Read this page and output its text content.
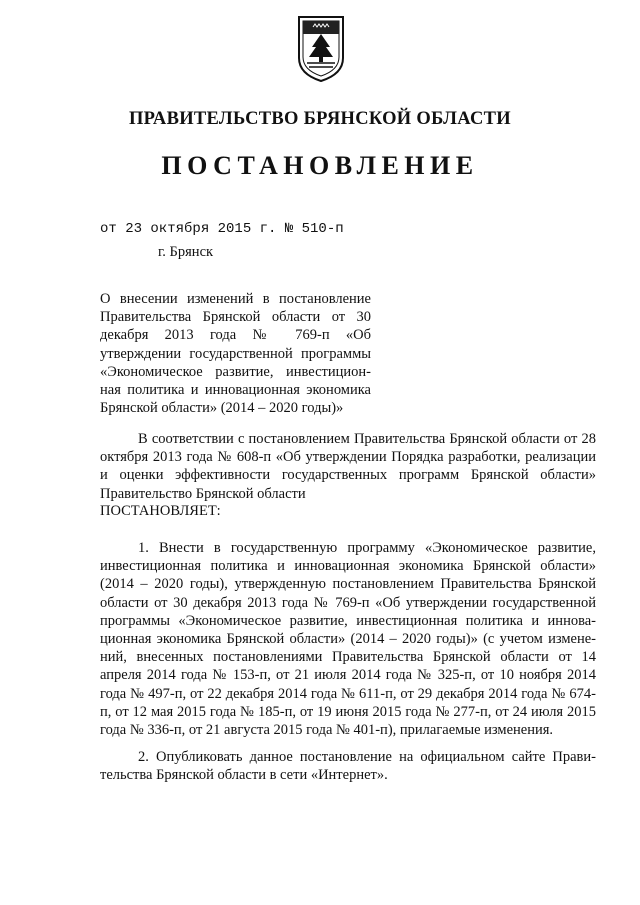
ПРАВИТЕЛЬСТВО БРЯНСКОЙ ОБЛАСТИ
ПОСТАНОВЛЕНИЕ
от 23 октября 2015 г. № 510-п
г. Брянск
О внесении изменений в постановление Правительства Брянской области от 30 декабря 2013 года № 769-п «Об утверждении государственной программы «Экономическое развитие, инвестицион-ная политика и инновационная экономика Брянской области» (2014 – 2020 годы)»
В соответствии с постановлением Правительства Брянской области от 28 октября 2013 года № 608-п «Об утверждении Порядка разработки, реализации и оценки эффективности государственных программ Брянской области» Правительство Брянской области
ПОСТАНОВЛЯЕТ:
1. Внести в государственную программу «Экономическое развитие, инвестиционная политика и инновационная экономика Брянской области» (2014 – 2020 годы), утвержденную постановлением Правительства Брянской области от 30 декабря 2013 года № 769-п «Об утверждении государственной программы «Экономическое развитие, инвестиционная политика и иннова-ционная экономика Брянской области» (2014 – 2020 годы)» (с учетом измене-ний, внесенных постановлениями Правительства Брянской области от 14 апреля 2014 года № 153-п, от 21 июля 2014 года № 325-п, от 10 ноября 2014 года № 497-п, от 22 декабря 2014 года № 611-п, от 29 декабря 2014 года № 674-п, от 12 мая 2015 года № 185-п, от 19 июня 2015 года № 277-п, от 24 июля 2015 года № 336-п, от 21 августа 2015 года № 401-п), прилагаемые изменения.
2. Опубликовать данное постановление на официальном сайте Прави-тельства Брянской области в сети «Интернет».
